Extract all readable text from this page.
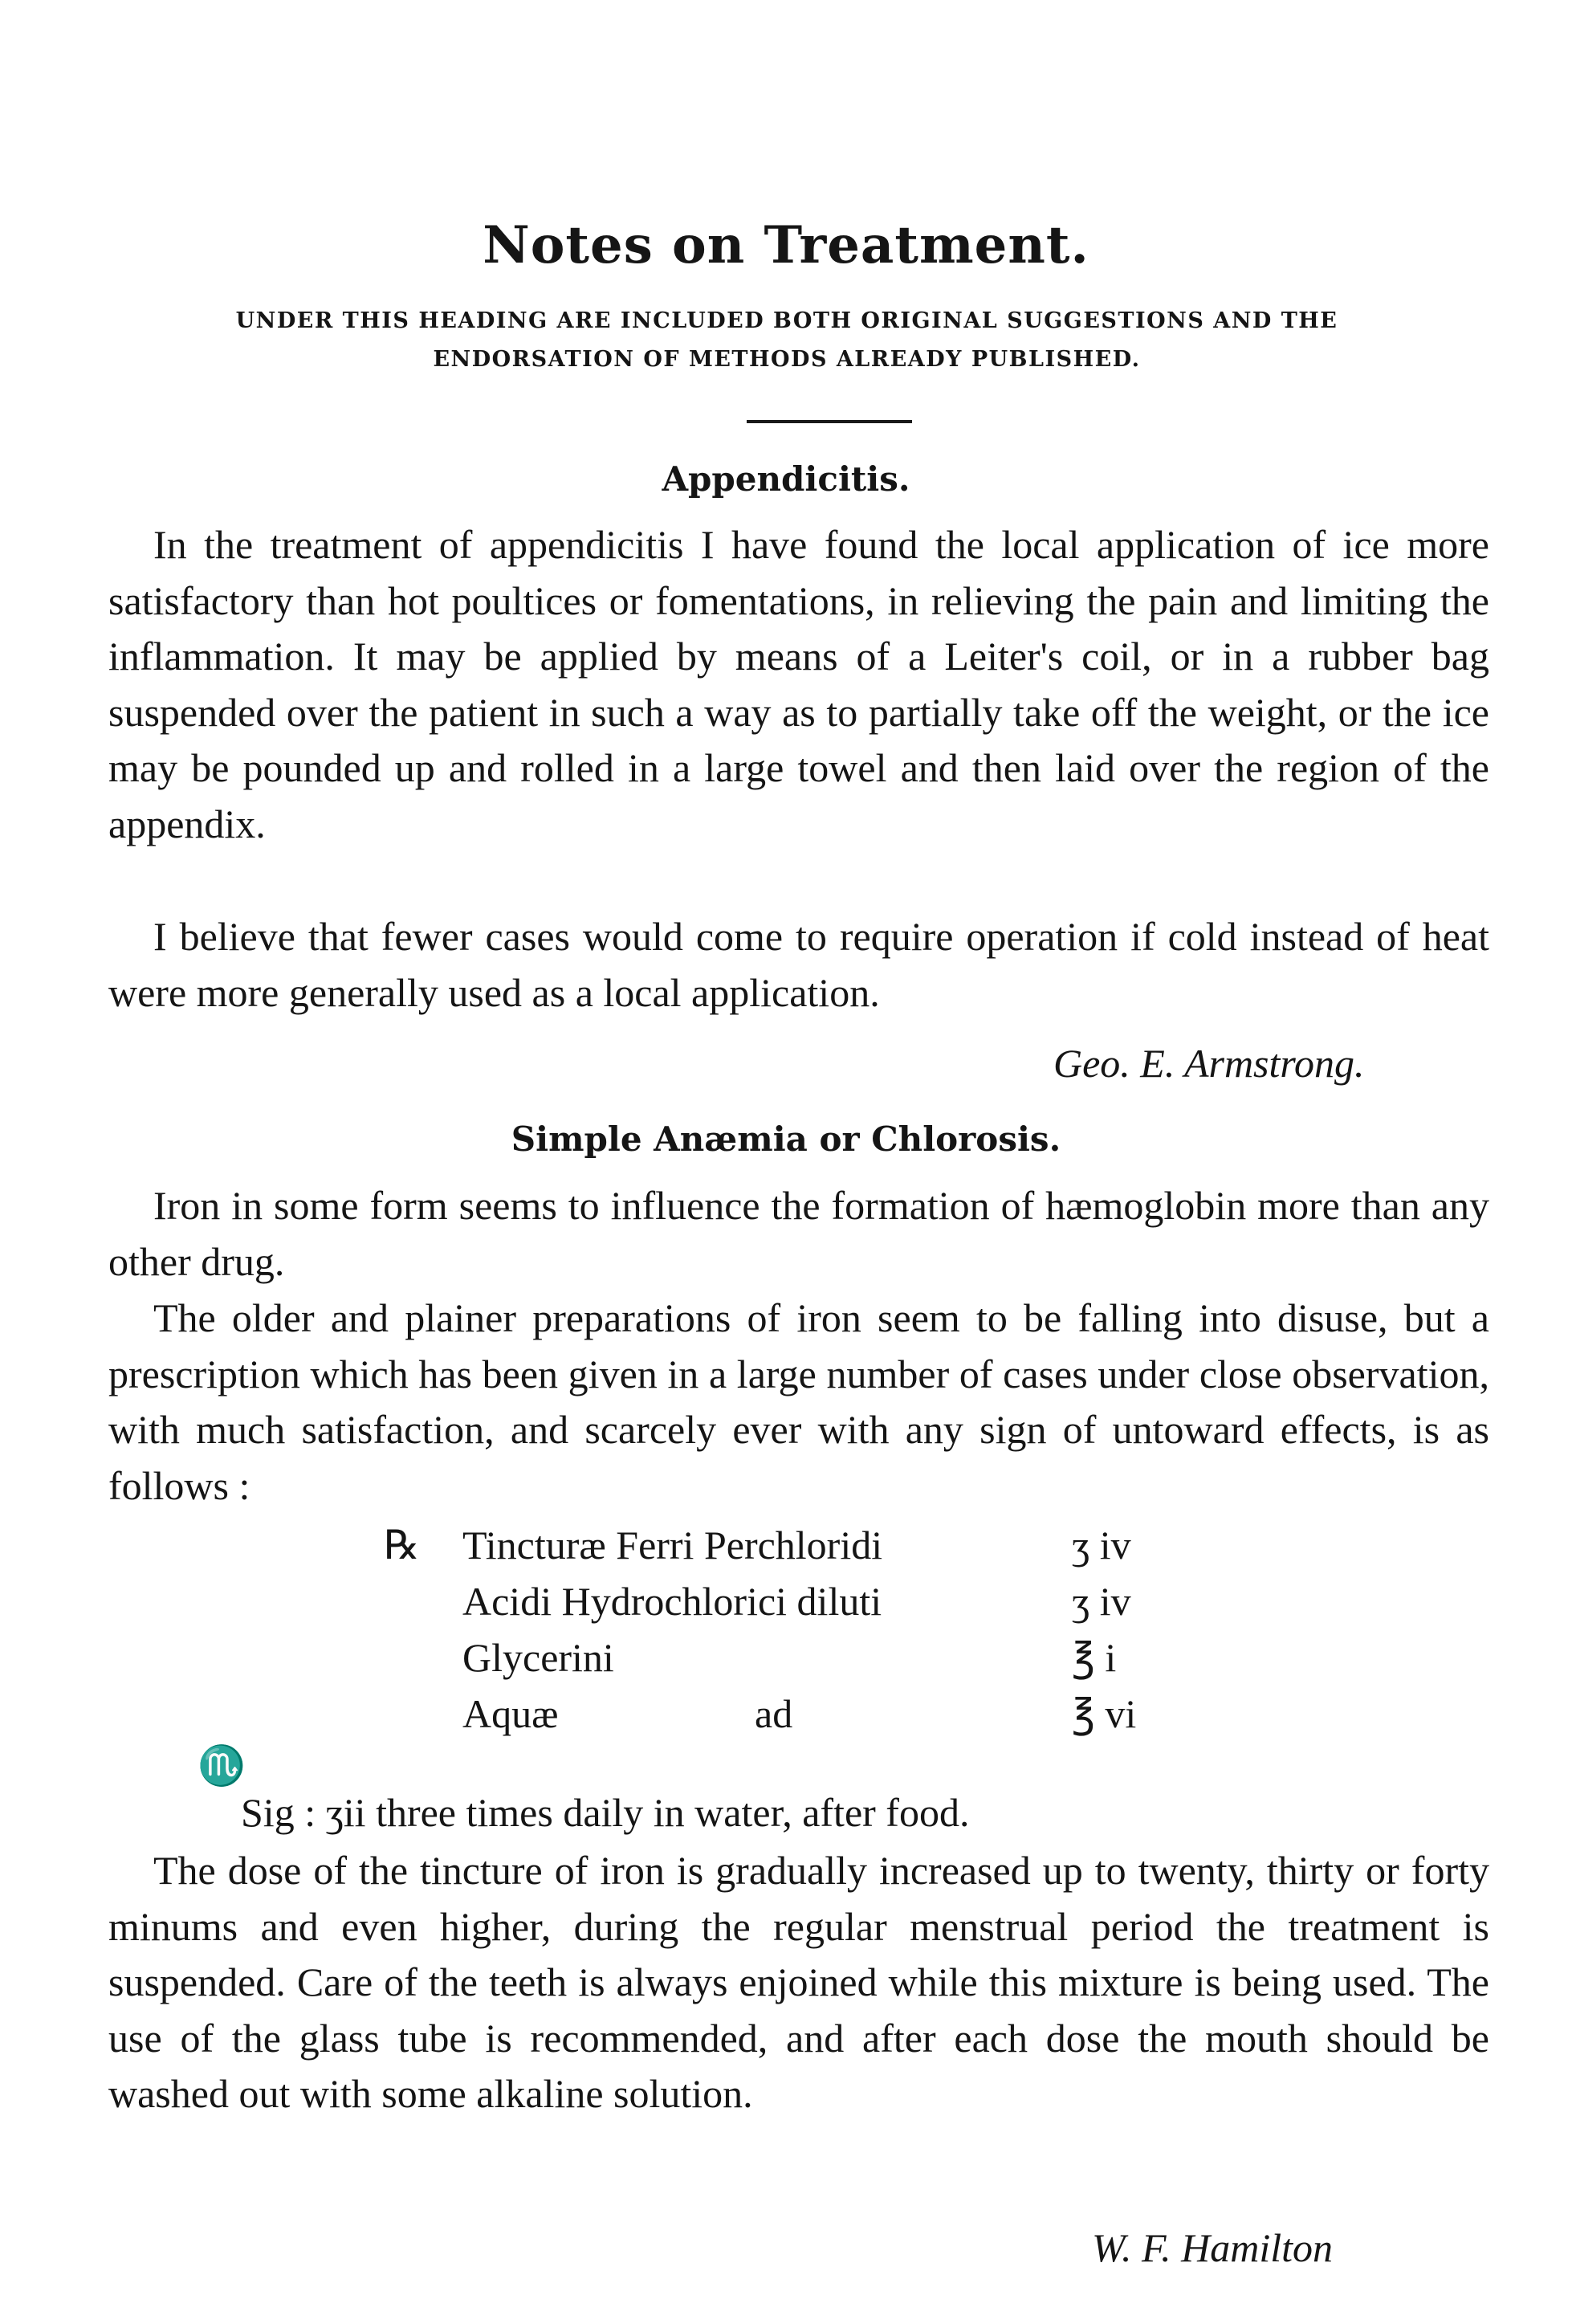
Notes on Treatment.
UNDER THIS HEADING ARE INCLUDED BOTH ORIGINAL SUGGESTIONS AND THE
ENDORSATION OF METHODS ALREADY PUBLISHED.
Appendicitis.

In the treatment of appendicitis I have found the local application of ice more satisfactory than hot poultices or fomentations, in relieving the pain and limiting the inflammation. It may be applied by means of a Leiter's coil, or in a rubber bag suspended over the patient in such a way as to partially take off the weight, or the ice may be pounded up and rolled in a large towel and then laid over the region of the appendix.

I believe that fewer cases would come to require operation if cold instead of heat were more generally used as a local application.

Geo. E. Armstrong.
Simple Anæmia or Chlorosis.

Iron in some form seems to influence the formation of hæmoglobin more than any other drug.

The older and plainer preparations of iron seem to be falling into disuse, but a prescription which has been given in a large number of cases under close observation, with much satisfaction, and scarcely ever with any sign of untoward effects, is as follows :

℞ Tincturæ Ferri Perchloridi	ʒ iv
Acidi Hydrochlorici diluti	ʒ iv
Glycerini	℥ i
Aquæ	ad	℥ vi
♏
Sig : ʒii three times daily in water, after food.

The dose of the tincture of iron is gradually increased up to twenty, thirty or forty minums and even higher, during the regular menstrual period the treatment is suspended. Care of the teeth is always enjoined while this mixture is being used. The use of the glass tube is recommended, and after each dose the mouth should be washed out with some alkaline solution.

W. F. Hamilton
